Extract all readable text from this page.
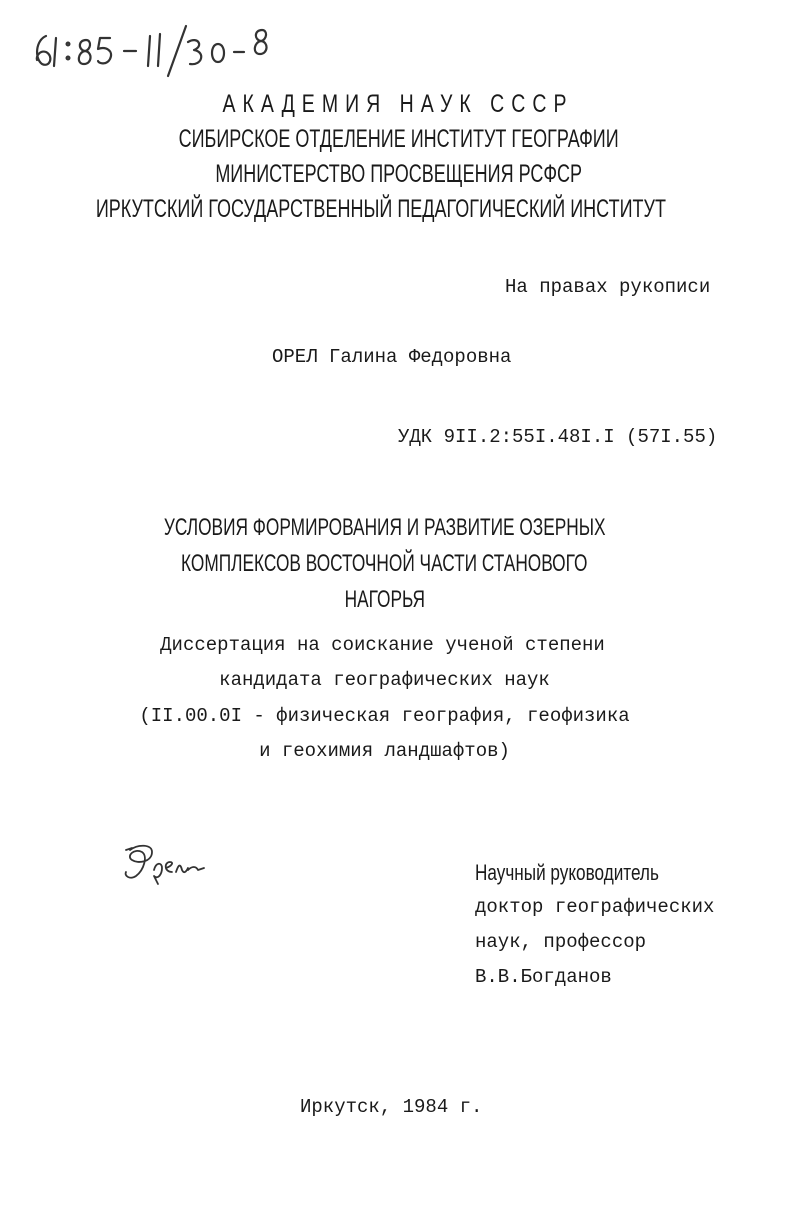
АКАДЕМИЯ НАУК СССР
СИБИРСКОЕ ОТДЕЛЕНИЕ ИНСТИТУТ ГЕОГРАФИИ
МИНИСТЕРСТВО ПРОСВЕЩЕНИЯ РСФСР
ИРКУТСКИЙ ГОСУДАРСТВЕННЫЙ ПЕДАГОГИЧЕСКИЙ ИНСТИТУТ
На правах рукописи
ОРЕЛ Галина Федоровна
УДК 9II.2:55I.48I.I (57I.55)
УСЛОВИЯ ФОРМИРОВАНИЯ И РАЗВИТИЕ ОЗЕРНЫХ
КОМПЛЕКСОВ ВОСТОЧНОЙ ЧАСТИ СТАНОВОГО
НАГОРЬЯ
Диссертация на соискание ученой степени
кандидата географических наук
(II.00.0I - физическая география, геофизика
и геохимия ландшафтов)
Научный руководитель
доктор географических
наук, профессор
В.В.Богданов
Иркутск, 1984 г.
